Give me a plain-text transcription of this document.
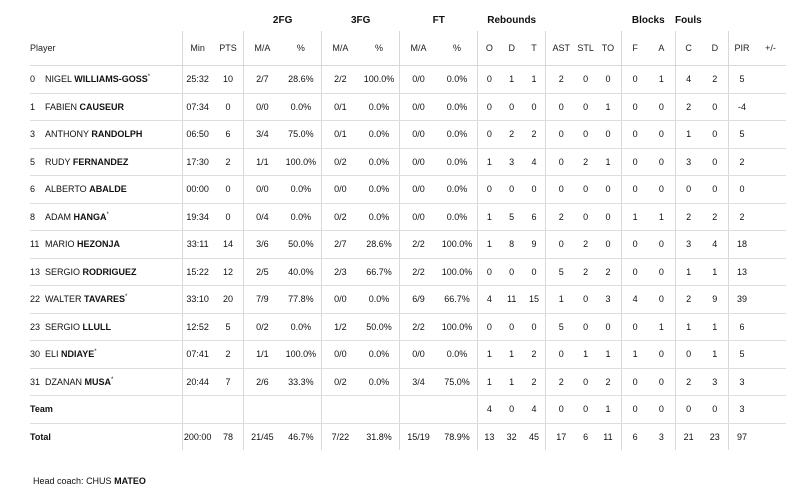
			2FG		3FG		FT		Rebounds						Blocks		Fouls			
Player	Min	PTS	M/A	%	M/A	%	M/A	%	O	D	T	AST	STL	TO	F	A	C	D	PIR	+/-
0 NIGEL WILLIAMS-GOSS*	25:32	10	2/7	28.6%	2/2	100.0%	0/0	0.0%	0	1	1	2	0	0	0	1	4	2	5	
1 FABIEN CAUSEUR	07:34	0	0/0	0.0%	0/1	0.0%	0/0	0.0%	0	0	0	0	0	1	0	0	2	0	-4	
3 ANTHONY RANDOLPH	06:50	6	3/4	75.0%	0/1	0.0%	0/0	0.0%	0	2	2	0	0	0	0	0	1	0	5	
5 RUDY FERNANDEZ	17:30	2	1/1	100.0%	0/2	0.0%	0/0	0.0%	1	3	4	0	2	1	0	0	3	0	2	
6 ALBERTO ABALDE	00:00	0	0/0	0.0%	0/0	0.0%	0/0	0.0%	0	0	0	0	0	0	0	0	0	0	0	
8 ADAM HANGA*	19:34	0	0/4	0.0%	0/2	0.0%	0/0	0.0%	1	5	6	2	0	0	1	1	2	2	2	
11 MARIO HEZONJA	33:11	14	3/6	50.0%	2/7	28.6%	2/2	100.0%	1	8	9	0	2	0	0	0	3	4	18	
13 SERGIO RODRIGUEZ	15:22	12	2/5	40.0%	2/3	66.7%	2/2	100.0%	0	0	0	5	2	2	0	0	1	1	13	
22 WALTER TAVARES*	33:10	20	7/9	77.8%	0/0	0.0%	6/9	66.7%	4	11	15	1	0	3	4	0	2	9	39	
23 SERGIO LLULL	12:52	5	0/2	0.0%	1/2	50.0%	2/2	100.0%	0	0	0	5	0	0	0	1	1	1	6	
30 ELI NDIAYE*	07:41	2	1/1	100.0%	0/0	0.0%	0/0	0.0%	1	1	2	0	1	1	1	0	0	1	5	
31 DZANAN MUSA*	20:44	7	2/6	33.3%	0/2	0.0%	3/4	75.0%	1	1	2	2	0	2	0	0	2	3	3	
Team									4	0	4	0	0	1	0	0	0	0	3	
Total	200:00	78	21/45	46.7%	7/22	31.8%	15/19	78.9%	13	32	45	17	6	11	6	3	21	23	97	
Head coach: CHUS MATEO
